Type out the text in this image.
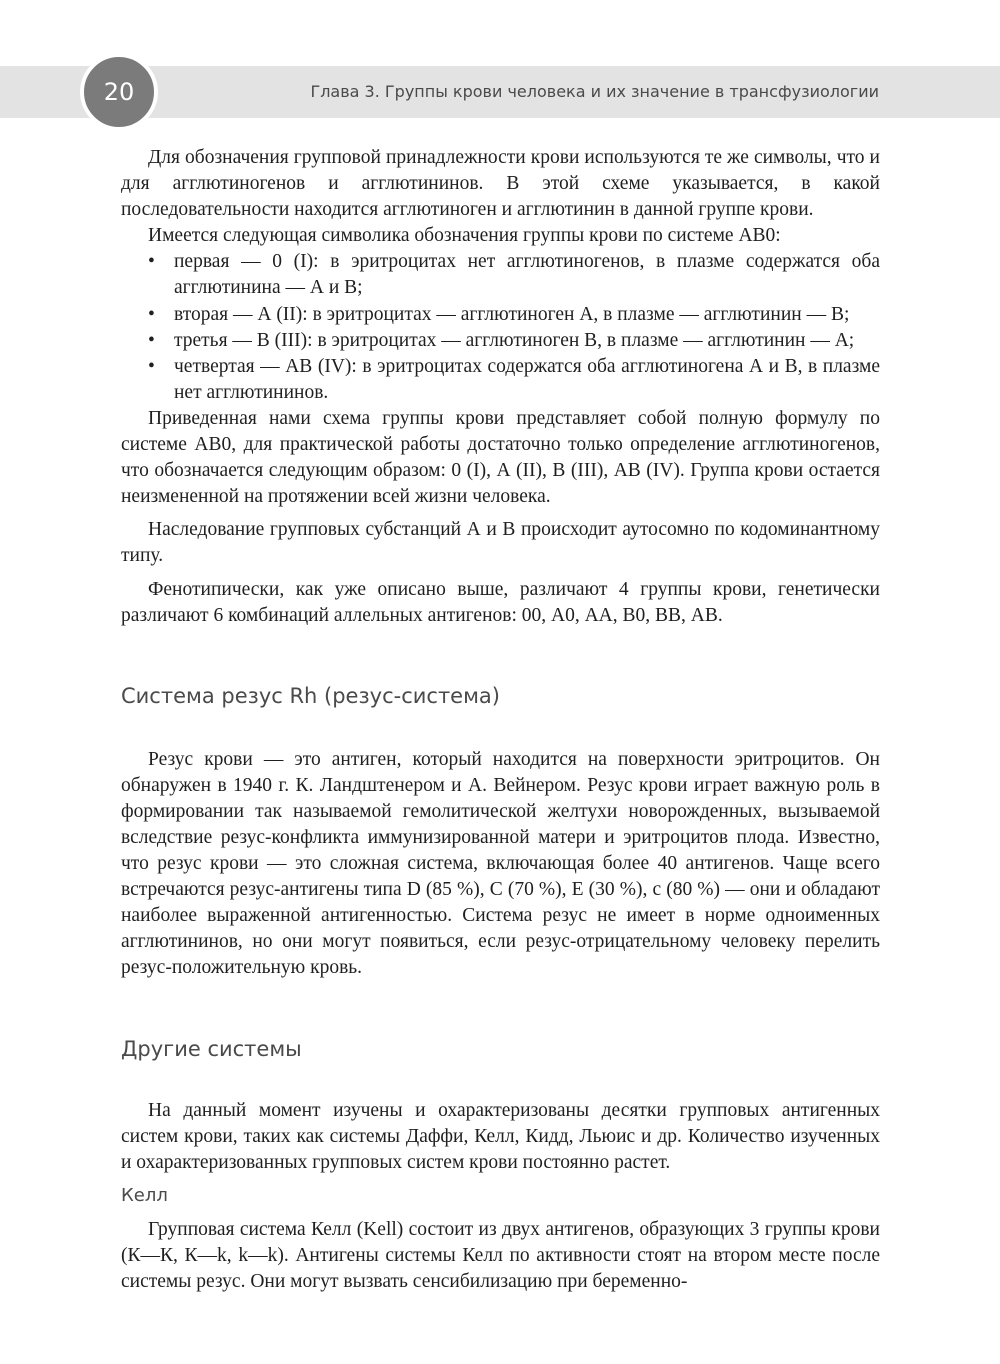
20	Глава 3. Группы крови человека и их значение в трансфузиологии

Для обозначения групповой принадлежности крови используются те же символы, что и для агглютиногенов и агглютининов. В этой схеме указывается, в какой последовательности находится агглютиноген и агглютинин в данной группе крови.

Имеется следующая символика обозначения группы крови по системе АВ0:

• первая — 0 (I): в эритроцитах нет агглютиногенов, в плазме содержатся оба агглютинина — А и В;
• вторая — А (II): в эритроцитах — агглютиноген А, в плазме — агглютинин — В;
• третья — В (III): в эритроцитах — агглютиноген В, в плазме — агглютинин — А;
• четвертая — АВ (IV): в эритроцитах содержатся оба агглютиногена А и В, в плазме нет агглютининов.

Приведенная нами схема группы крови представляет собой полную формулу по системе АВ0, для практической работы достаточно только определение агглютиногенов, что обозначается следующим образом: 0 (I), А (II), В (III), АВ (IV). Группа крови остается неизмененной на протяжении всей жизни человека.

Наследование групповых субстанций А и В происходит аутосомно по кодоминантному типу.

Фенотипически, как уже описано выше, различают 4 группы крови, генетически различают 6 комбинаций аллельных антигенов: 00, А0, АА, В0, ВВ, АВ.

Система резус Rh (резус-система)

Резус крови — это антиген, который находится на поверхности эритроцитов. Он обнаружен в 1940 г. К. Ландштенером и А. Вейнером. Резус крови играет важную роль в формировании так называемой гемолитической желтухи новорожденных, вызываемой вследствие резус-конфликта иммунизированной матери и эритроцитов плода. Известно, что резус крови — это сложная система, включающая более 40 антигенов. Чаще всего встречаются резус-антигены типа D (85 %), С (70 %), Е (30 %), с (80 %) — они и обладают наиболее выраженной антигенностью. Система резус не имеет в норме одноименных агглютининов, но они могут появиться, если резус-отрицательному человеку перелить резус-положительную кровь.

Другие системы

На данный момент изучены и охарактеризованы десятки групповых антигенных систем крови, таких как системы Даффи, Келл, Кидд, Льюис и др. Количество изученных и охарактеризованных групповых систем крови постоянно растет.

Келл

Групповая система Келл (Kell) состоит из двух антигенов, образующих 3 группы крови (К—К, К—k, k—k). Антигены системы Келл по активности стоят на втором месте после системы резус. Они могут вызвать сенсибилизацию при беременно-
